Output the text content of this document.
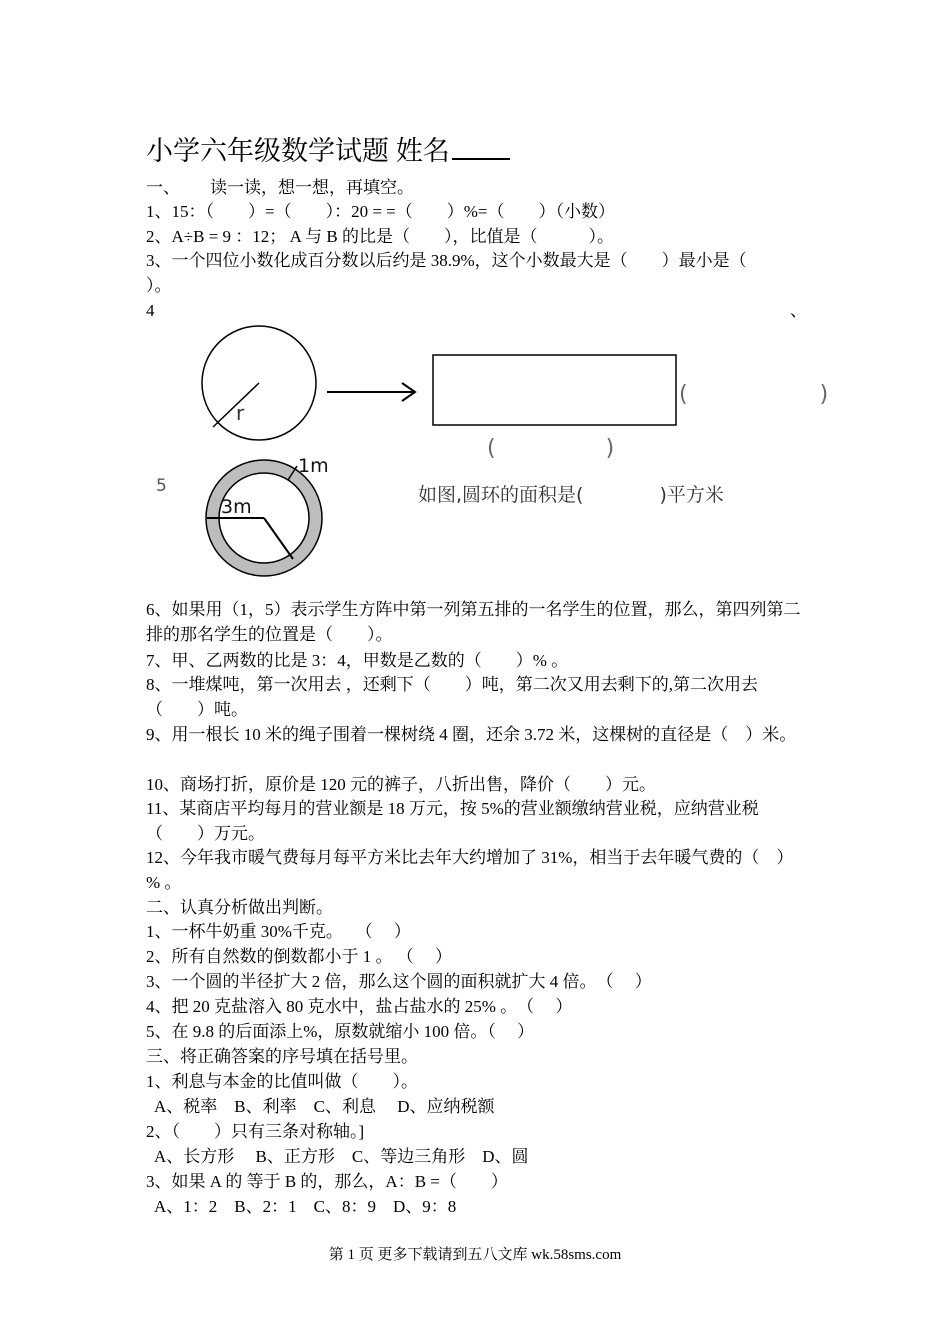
小学六年级数学试题 姓名
一、 读一读，想一想，再填空。
1、15：（　　）=（　　）：20 = =（　　）%=（　　）（小数）
2、A÷B = 9 ：12； A 与 B 的比是（　　），比值是（　　　）。
3、一个四位小数化成百分数以后约是 38.9%，这个小数最大是（　　）最小是（
）。
4	、
r
(　　　　　　)
(　　　　　)
5
1m
3m
如图,圆环的面积是(　　　　)平方米
6、如果用（1，5）表示学生方阵中第一列第五排的一名学生的位置，那么，第四列第二排的那名学生的位置是（　　）。
7、甲、乙两数的比是 3：4，甲数是乙数的（　　）% 。
8、一堆煤吨，第一次用去 ，还剩下（　　）吨，第二次又用去剩下的,第二次用去（　　）吨。
9、用一根长 10 米的绳子围着一棵树绕 4 圈，还余 3.72 米，这棵树的直径是（　）米。
10、商场打折，原价是 120 元的裤子，八折出售，降价（　　）元。
11、某商店平均每月的营业额是 18 万元，按 5%的营业额缴纳营业税，应纳营业税（　　）万元。
12、今年我市暖气费每月每平方米比去年大约增加了 31%，相当于去年暖气费的（　）% 。
二、认真分析做出判断。
1、一杯牛奶重 30%千克。　 （　 ）
2、所有自然数的倒数都小于 1 。 （　 ）
3、一个圆的半径扩大 2 倍，那么这个圆的面积就扩大 4 倍。　（　 ）
4、把 20 克盐溶入 80 克水中，盐占盐水的 25% 。　（　 ）
5、在 9.8 的后面添上%，原数就缩小 100 倍。（　 ）
三、将正确答案的序号填在括号里。
1、利息与本金的比值叫做（　　）。
A、税率　B、利率　C、利息　 D、应纳税额
2、（　　）只有三条对称轴。]
A、长方形　 B、正方形　C、等边三角形　D、圆
3、如果 A 的 等于 B 的，那么，A：B =（　　）
A、1：2　B、2：1　C、8：9　D、9：8
第 1 页 更多下载请到五八文库 wk.58sms.com
